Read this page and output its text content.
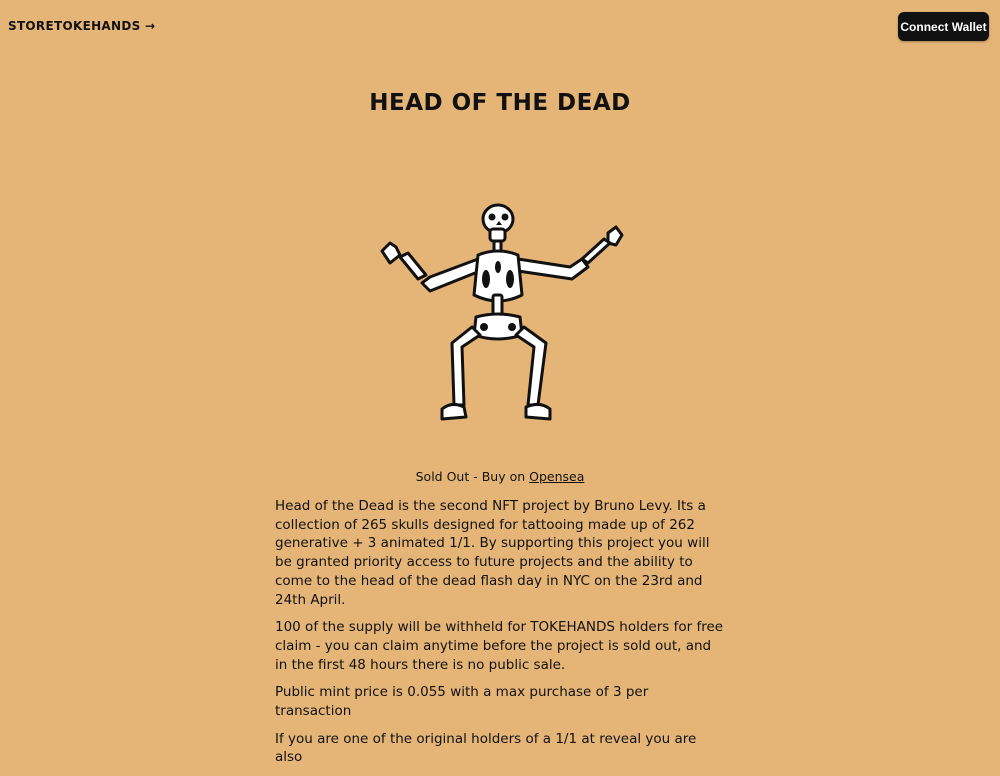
STORE TOKEHANDS →	Connect Wallet
HEAD OF THE DEAD
Sold Out - Buy on Opensea

Head of the Dead is the second NFT project by Bruno Levy. Its a collection of 265 skulls designed for tattooing made up of 262 generative + 3 animated 1/1. By supporting this project you will be granted priority access to future projects and the ability to come to the head of the dead flash day in NYC on the 23rd and 24th April.

100 of the supply will be withheld for TOKEHANDS holders for free claim - you can claim anytime before the project is sold out, and in the first 48 hours there is no public sale.

Public mint price is 0.055 with a max purchase of 3 per transaction

If you are one of the original holders of a 1/1 at reveal you are also
